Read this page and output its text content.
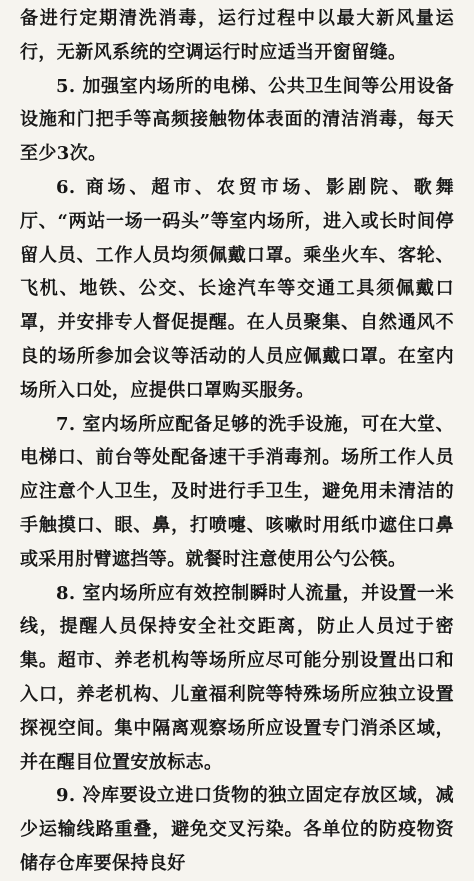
备进行定期清洗消毒，运行过程中以最大新风量运行，无新风系统的空调运行时应适当开窗留缝。

5. 加强室内场所的电梯、公共卫生间等公用设备设施和门把手等高频接触物体表面的清洁消毒，每天至少3次。

6. 商场、超市、农贸市场、影剧院、歌舞厅、“两站一场一码头”等室内场所，进入或长时间停留人员、工作人员均须佩戴口罩。乘坐火车、客轮、飞机、地铁、公交、长途汽车等交通工具须佩戴口罩，并安排专人督促提醒。在人员聚集、自然通风不良的场所参加会议等活动的人员应佩戴口罩。在室内场所入口处，应提供口罩购买服务。

7. 室内场所应配备足够的洗手设施，可在大堂、电梯口、前台等处配备速干手消毒剂。场所工作人员应注意个人卫生，及时进行手卫生，避免用未清洁的手触摸口、眼、鼻，打喷嚏、咳嗽时用纸巾遮住口鼻或采用肘臂遮挡等。就餐时注意使用公勺公筷。

8. 室内场所应有效控制瞬时人流量，并设置一米线，提醒人员保持安全社交距离，防止人员过于密集。超市、养老机构等场所应尽可能分别设置出口和入口，养老机构、儿童福利院等特殊场所应独立设置探视空间。集中隔离观察场所应设置专门消杀区域，并在醒目位置安放标志。

9. 冷库要设立进口货物的独立固定存放区域，减少运输线路重叠，避免交叉污染。各单位的防疫物资储存仓库要保持良好
